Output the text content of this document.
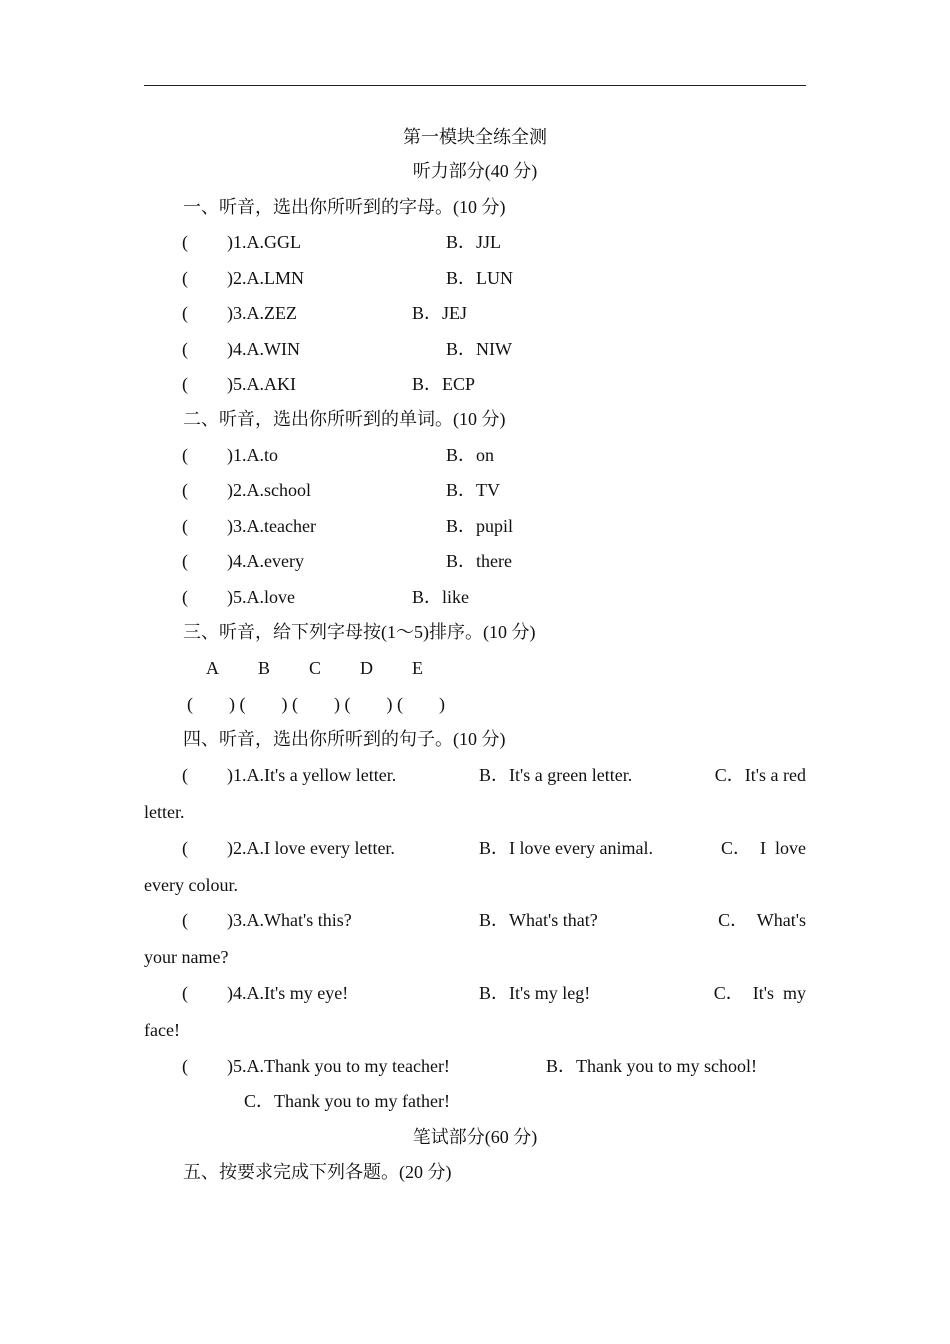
第一模块全练全测
听力部分(40 分)
一、听音，选出你所听到的字母。(10 分)
( )1.A.GGL	B．JJL
( )2.A.LMN	B．LUN
( )3.A.ZEZ	B．JEJ
( )4.A.WIN	B．NIW
( )5.A.AKI	B．ECP
二、听音，选出你所听到的单词。(10 分)
( )1.A.to	B．on
( )2.A.school	B．TV
( )3.A.teacher	B．pupil
( )4.A.every	B．there
( )5.A.love	B．like
三、听音，给下列字母按(1～5)排序。(10 分)
A B C D E
(        ) (        ) (        ) (        ) (        )
四、听音，选出你所听到的句子。(10 分)
( )1.A.It's a yellow letter.	B．It's a green letter.	C．It's a red
letter.
( )2.A.I love every letter.	B．I love every animal.	C．  I  love
every colour.
( )3.A.What's this?	B．What's that?	C．  What's
your name?
( )4.A.It's my eye!	B．It's my leg!	C．  It's  my
face!
( )5.A.Thank you to my teacher!	B．Thank you to my school!
C．Thank you to my father!
笔试部分(60 分)
五、按要求完成下列各题。(20 分)
